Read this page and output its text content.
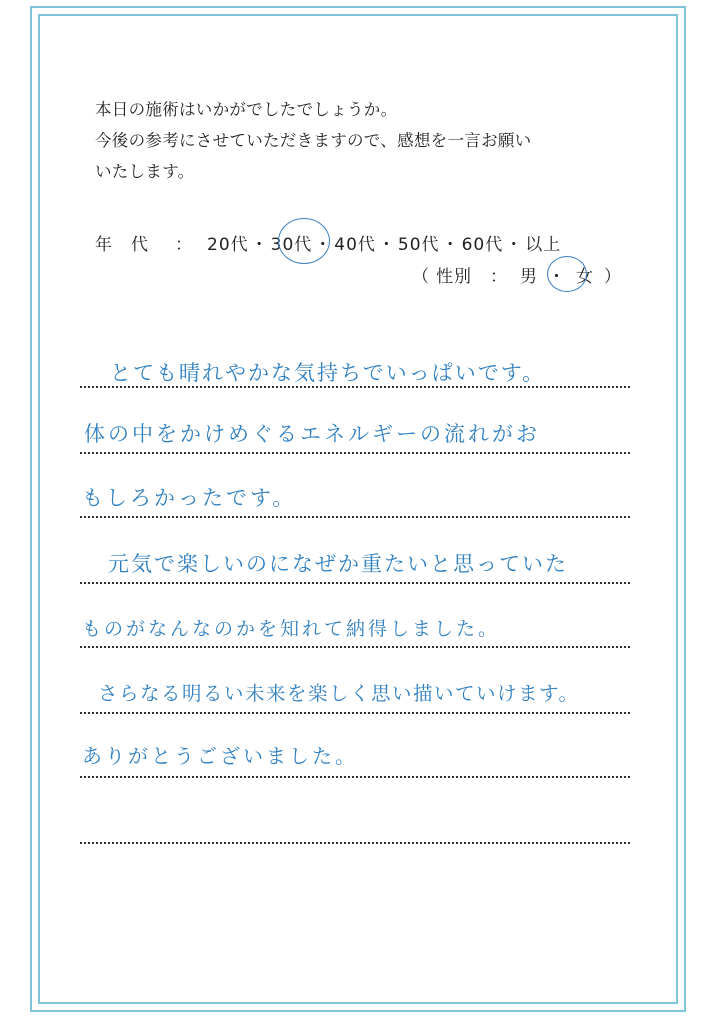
本日の施術はいかがでしたでしょうか。
今後の参考にさせていただきますので、感想を一言お願い
いたします。
年　代 ： 20代 ・ 30代 ・ 40代 ・ 50代 ・ 60代 ・ 以上
（ 性別 ： 男 ・ 女 ）
とても晴れやかな気持ちでいっぱいです。
体の中をかけめぐるエネルギーの流れがお
もしろかったです。
元気で楽しいのになぜか重たいと思っていた
ものがなんなのかを知れて納得しました。
さらなる明るい未来を楽しく思い描いていけます。
ありがとうございました。
